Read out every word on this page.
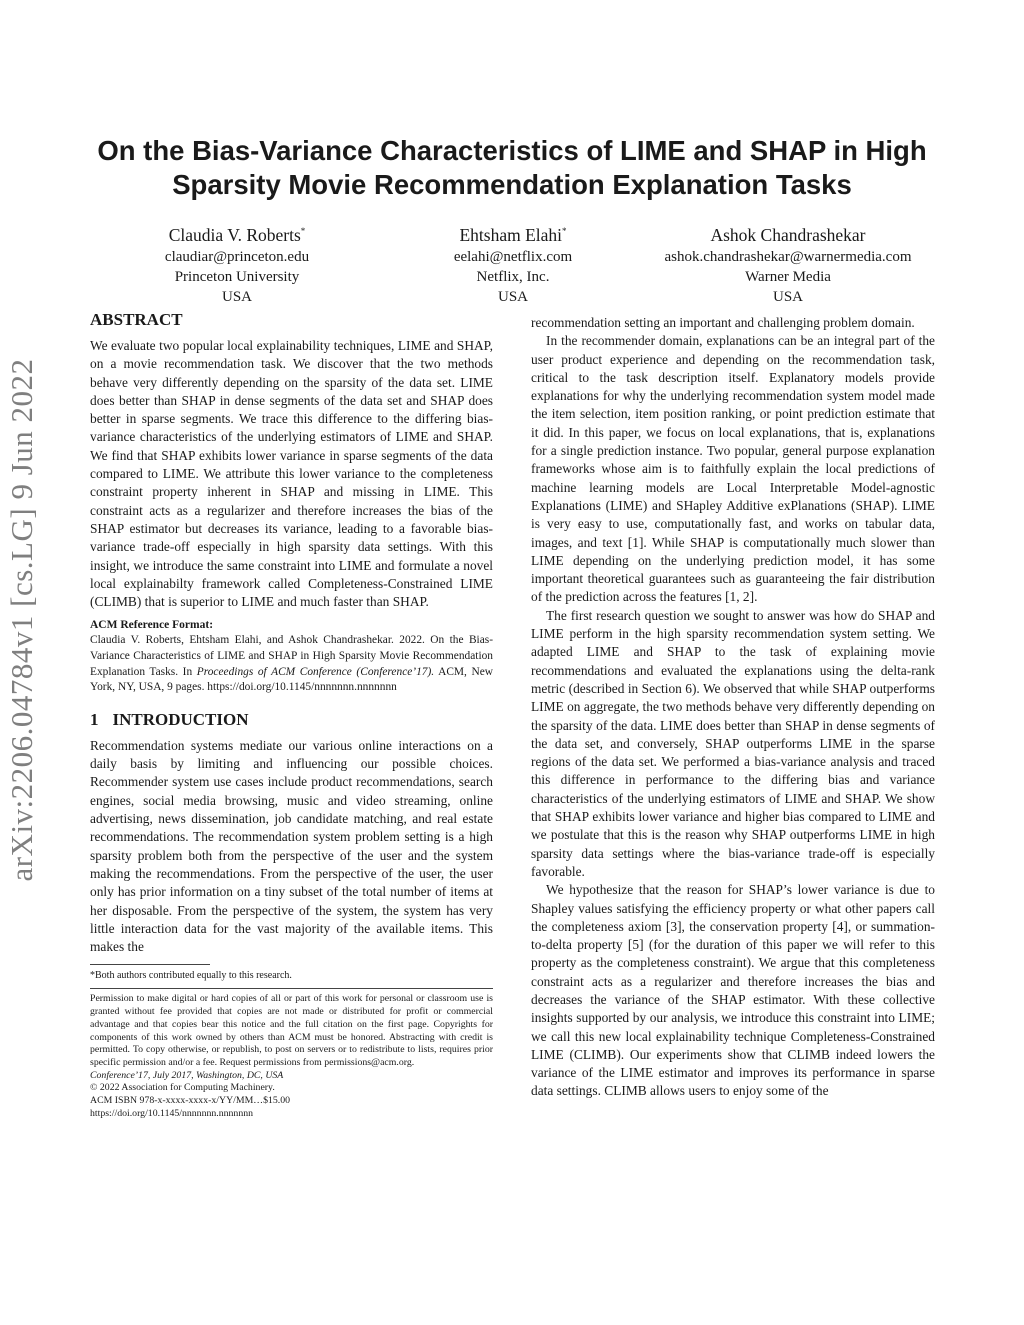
arXiv:2206.04784v1 [cs.LG] 9 Jun 2022
On the Bias-Variance Characteristics of LIME and SHAP in High
Sparsity Movie Recommendation Explanation Tasks
Claudia V. Roberts*
claudiar@princeton.edu
Princeton University
USA
Ehtsham Elahi*
eelahi@netflix.com
Netflix, Inc.
USA
Ashok Chandrashekar
ashok.chandrashekar@warnermedia.com
Warner Media
USA
ABSTRACT

We evaluate two popular local explainability techniques, LIME and SHAP, on a movie recommendation task. We discover that the two methods behave very differently depending on the sparsity of the data set. LIME does better than SHAP in dense segments of the data set and SHAP does better in sparse segments. We trace this difference to the differing bias-variance characteristics of the underlying estimators of LIME and SHAP. We find that SHAP exhibits lower variance in sparse segments of the data compared to LIME. We attribute this lower variance to the completeness constraint property inherent in SHAP and missing in LIME. This constraint acts as a regularizer and therefore increases the bias of the SHAP estimator but decreases its variance, leading to a favorable bias-variance trade-off especially in high sparsity data settings. With this insight, we introduce the same constraint into LIME and formulate a novel local explainabilty framework called Completeness-Constrained LIME (CLIMB) that is superior to LIME and much faster than SHAP.

ACM Reference Format:

Claudia V. Roberts, Ehtsham Elahi, and Ashok Chandrashekar. 2022. On the Bias-Variance Characteristics of LIME and SHAP in High Sparsity Movie Recommendation Explanation Tasks. In Proceedings of ACM Conference (Conference’17). ACM, New York, NY, USA, 9 pages. https://doi.org/10.1145/nnnnnnn.nnnnnnn

1 INTRODUCTION

Recommendation systems mediate our various online interactions on a daily basis by limiting and influencing our possible choices. Recommender system use cases include product recommendations, search engines, social media browsing, music and video streaming, online advertising, news dissemination, job candidate matching, and real estate recommendations. The recommendation system problem setting is a high sparsity problem both from the perspective of the user and the system making the recommendations. From the perspective of the user, the user only has prior information on a tiny subset of the total number of items at her disposable. From the perspective of the system, the system has very little interaction data for the vast majority of the available items. This makes the

*Both authors contributed equally to this research.

Permission to make digital or hard copies of all or part of this work for personal or classroom use is granted without fee provided that copies are not made or distributed for profit or commercial advantage and that copies bear this notice and the full citation on the first page. Copyrights for components of this work owned by others than ACM must be honored. Abstracting with credit is permitted. To copy otherwise, or republish, to post on servers or to redistribute to lists, requires prior specific permission and/or a fee. Request permissions from permissions@acm.org.

Conference’17, July 2017, Washington, DC, USA

© 2022 Association for Computing Machinery.

ACM ISBN 978-x-xxxx-xxxx-x/YY/MM…$15.00

https://doi.org/10.1145/nnnnnnn.nnnnnnn

recommendation setting an important and challenging problem domain.

In the recommender domain, explanations can be an integral part of the user product experience and depending on the recommendation task, critical to the task description itself. Explanatory models provide explanations for why the underlying recommendation system model made the item selection, item position ranking, or point prediction estimate that it did. In this paper, we focus on local explanations, that is, explanations for a single prediction instance. Two popular, general purpose explanation frameworks whose aim is to faithfully explain the local predictions of machine learning models are Local Interpretable Model-agnostic Explanations (LIME) and SHapley Additive exPlanations (SHAP). LIME is very easy to use, computationally fast, and works on tabular data, images, and text [1]. While SHAP is computationally much slower than LIME depending on the underlying prediction model, it has some important theoretical guarantees such as guaranteeing the fair distribution of the prediction across the features [1, 2].

The first research question we sought to answer was how do SHAP and LIME perform in the high sparsity recommendation system setting. We adapted LIME and SHAP to the task of explaining movie recommendations and evaluated the explanations using the delta-rank metric (described in Section 6). We observed that while SHAP outperforms LIME on aggregate, the two methods behave very differently depending on the sparsity of the data. LIME does better than SHAP in dense segments of the data set, and conversely, SHAP outperforms LIME in the sparse regions of the data set. We performed a bias-variance analysis and traced this difference in performance to the differing bias and variance characteristics of the underlying estimators of LIME and SHAP. We show that SHAP exhibits lower variance and higher bias compared to LIME and we postulate that this is the reason why SHAP outperforms LIME in high sparsity data settings where the bias-variance trade-off is especially favorable.

We hypothesize that the reason for SHAP’s lower variance is due to Shapley values satisfying the efficiency property or what other papers call the completeness axiom [3], the conservation property [4], or summation-to-delta property [5] (for the duration of this paper we will refer to this property as the completeness constraint). We argue that this completeness constraint acts as a regularizer and therefore increases the bias and decreases the variance of the SHAP estimator. With these collective insights supported by our analysis, we introduce this constraint into LIME; we call this new local explainability technique Completeness-Constrained LIME (CLIMB). Our experiments show that CLIMB indeed lowers the variance of the LIME estimator and improves its performance in sparse data settings. CLIMB allows users to enjoy some of the
